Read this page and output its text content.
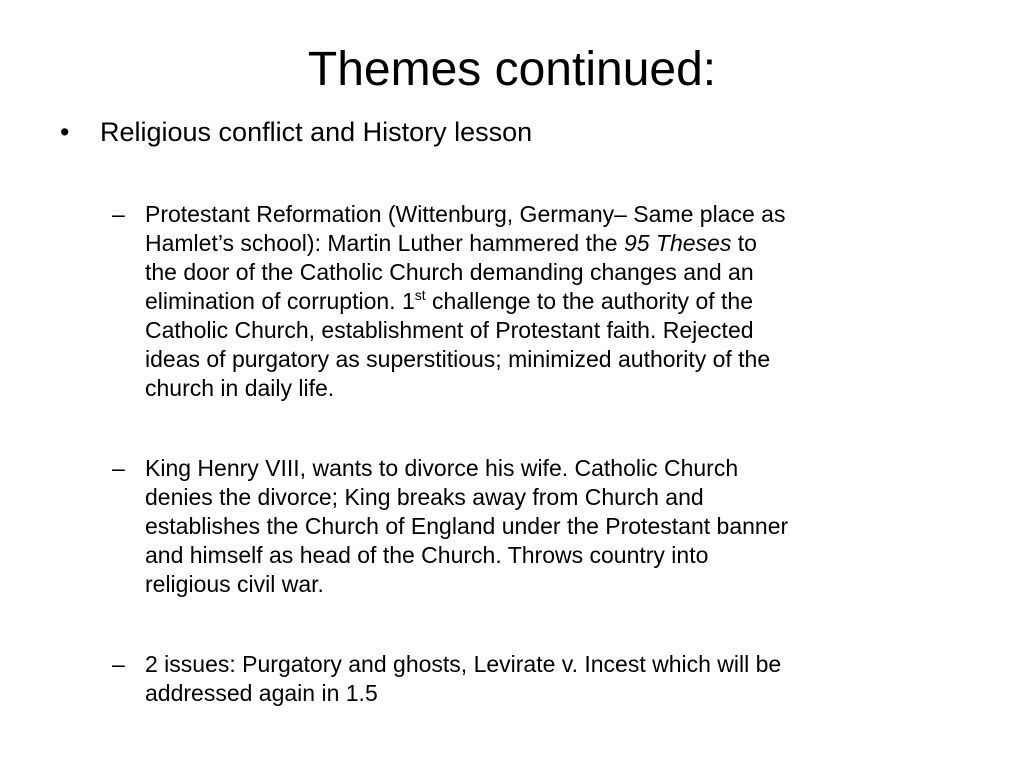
Themes continued:
• Religious conflict and History lesson
– Protestant Reformation (Wittenburg, Germany– Same place as
Hamlet’s school): Martin Luther hammered the 95 Theses to
the door of the Catholic Church demanding changes and an
elimination of corruption. 1st challenge to the authority of the
Catholic Church, establishment of Protestant faith. Rejected
ideas of purgatory as superstitious; minimized authority of the
church in daily life.
– King Henry VIII, wants to divorce his wife. Catholic Church
denies the divorce; King breaks away from Church and
establishes the Church of England under the Protestant banner
and himself as head of the Church. Throws country into
religious civil war.
– 2 issues: Purgatory and ghosts, Levirate v. Incest which will be
addressed again in 1.5
